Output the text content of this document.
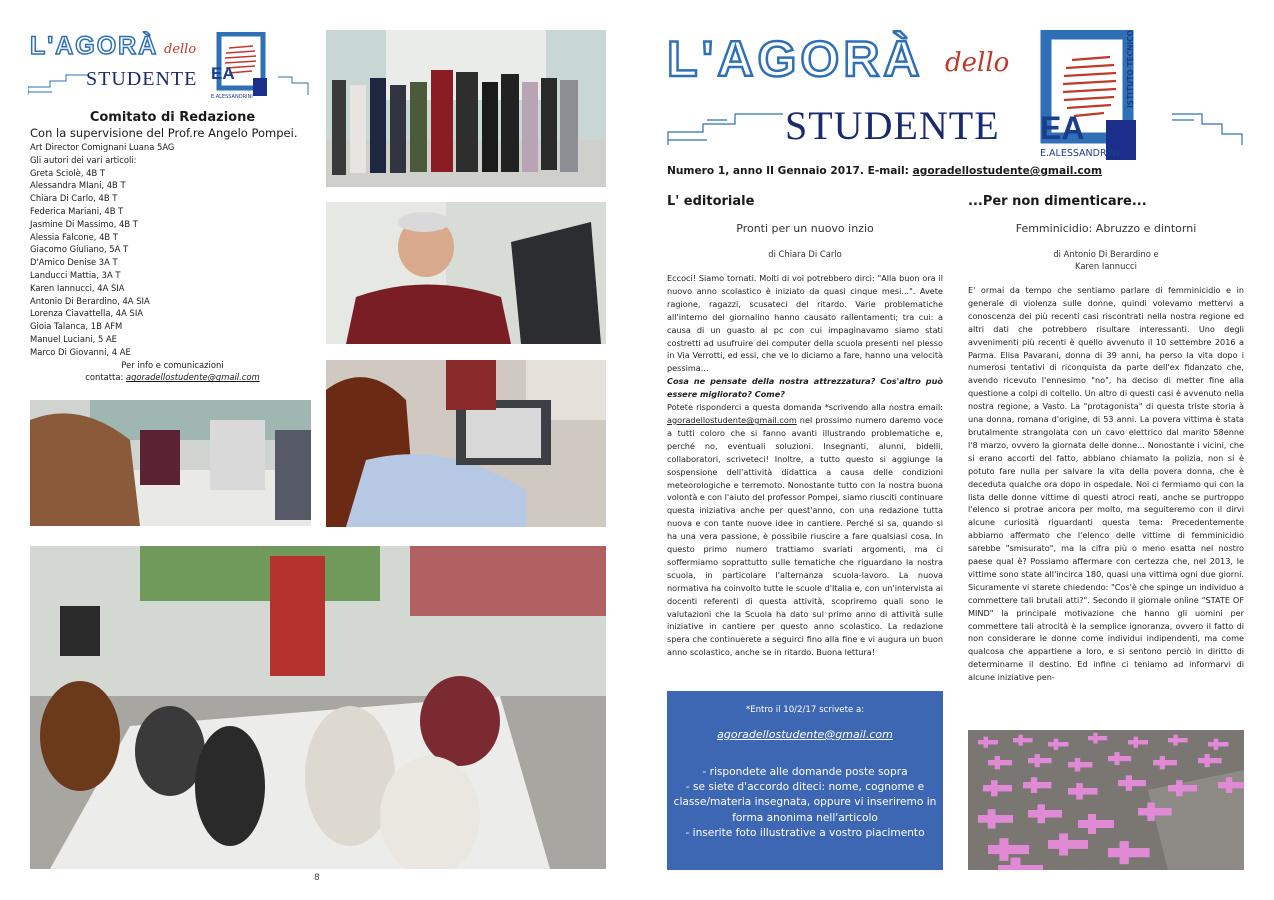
L'AGORÀ dello
STUDENTE EA
E.ALESSANDRINI
Comitato di Redazione
Con la supervisione del Prof.re Angelo Pompei.
Art Director Comignani Luana 5AG
Gli autori dei vari articoli:
Greta Sciolè, 4B T
Alessandra MIani, 4B T
Chiara Di Carlo, 4B T
Federica Mariani, 4B T
Jasmine Di Massimo, 4B T
Alessia Falcone, 4B T
Giacomo Giuliano, 5A T
D'Amico Denise 3A T
Landucci Mattia, 3A T
Karen Iannucci, 4A SIA
Antonio Di Berardino, 4A SIA
Lorenza Ciavattella, 4A SIA
Gioia Talanca, 1B AFM
Manuel Luciani, 5 AE
Marco Di Giovanni, 4 AE
Per info e comunicazioni
contatta: agoradellostudente@gmail.com
8
L'AGORÀ dello
STUDENTE EA
E.ALESSANDRINI
ISTITUTO TECNICO
Numero 1, anno II Gennaio 2017. E-mail: agoradellostudente@gmail.com
L' editoriale
Pronti per un nuovo inzio
di Chiara Di Carlo
Eccoci! Siamo tornati. Molti di voi potrebbero dirci: "Alla buon ora il nuovo anno scolastico è iniziato da quasi cinque mesi...". Avete ragione, ragazzi, scusateci del ritardo. Varie problematiche all'interno del giornalino hanno causato rallentamenti; tra cui: a causa di un guasto al pc con cui impaginavamo siamo stati costretti ad usufruire dei computer della scuola presenti nel plesso in Via Verrotti, ed essi, che ve lo diciamo a fare, hanno una velocità pessima...
Cosa ne pensate della nostra attrezzatura? Cos'altro può essere migliorato? Come?
Potete risponderci a questa domanda *scrivendo alla nostra email: agoradellostudente@gmail.com nel prossimo numero daremo voce a tutti coloro che si fanno avanti illustrando problematiche e, perché no, eventuali soluzioni. Insegnanti, alunni, bidelli, collaboratori, scriveteci! Inoltre, a tutto questo si aggiunge la sospensione dell'attività didattica a causa delle condizioni meteorologiche e terremoto. Nonostante tutto con la nostra buona volontà e con l'aiuto del professor Pompei, siamo riusciti continuare questa iniziativa anche per quest'anno, con una redazione tutta nuova e con tante nuove idee in cantiere. Perché si sa, quando si ha una vera passione, è possibile riuscire a fare qualsiasi cosa. In questo primo numero trattiamo svariati argomenti, ma ci soffermiamo soprattutto sulle tematiche che riguardano la nostra scuola, in particolare l'alternanza scuola-lavoro. La nuova normativa ha coinvolto tutte le scuole d'Italia e, con un'intervista ai docenti referenti di questa attività, scopriremo quali sono le valutazioni che la Scuola ha dato sul primo anno di attività sulle iniziative in cantiere per questo anno scolastico. La redazione spera che continuerete a seguirci fino alla fine e vi augura un buon anno scolastico, anche se in ritardo. Buona lettura!
*Entro il 10/2/17 scrivete a:
agoradellostudente@gmail.com
- rispondete alle domande poste sopra
- se siete d'accordo diteci: nome, cognome e classe/materia insegnata, oppure vi inseriremo in forma anonima nell'articolo
- inserite foto illustrative a vostro piacimento
...Per non dimenticare...
Femminicidio: Abruzzo e dintorni
di Antonio Di Berardino e
Karen Iannucci
E' ormai da tempo che sentiamo parlare di femminicidio e in generale di violenza sulle donne, quindi volevamo mettervi a conoscenza dei più recenti casi riscontrati nella nostra regione ed altri dati che potrebbero risultare interessanti. Uno degli avvenimenti più recenti è quello avvenuto il 10 settembre 2016 a Parma. Elisa Pavarani, donna di 39 anni, ha perso la vita dopo i numerosi tentativi di riconquista da parte dell'ex fidanzato che, avendo ricevuto l'ennesimo "no", ha deciso di metter fine alla questione a colpi di coltello. Un altro di questi casi è avvenuto nella nostra regione, a Vasto. La "protagonista" di questa triste storia à una donna, romana d'origine, di 53 anni. La povera vittima è stata brutalmente strangolata con un cavo elettrico dal marito 58enne l'8 marzo, ovvero la giornata delle donne... Nonostante i vicini, che si erano accorti del fatto, abbiano chiamato la polizia, non si è potuto fare nulla per salvare la vita della povera donna, che è deceduta qualche ora dopo in ospedale. Noi ci fermiamo qui con la lista delle donne vittime di questi atroci reati, anche se purtroppo l'elenco si protrae ancora per molto, ma seguiteremo con il dirvi alcune curiosità riguardanti questa tema: Precedentemente abbiamo affermato che l'elenco delle vittime di femminicidio sarebbe "smisurato", ma la cifra più o meno esatta nel nostro paese qual è? Possiamo affermare con certezza che, nel 2013, le vittime sono state all'incirca 180, quasi una vittima ogni due giorni. Sicuramente vi starete chiedendo: "Cos'è che spinge un individuo a commettere tali brutali atti?". Secondo il giornale online "STATE OF MIND" la principale motivazione che hanno gli uomini per commettere tali atrocità è la semplice ignoranza, ovvero il fatto di non considerare le donne come individui indipendenti, ma come qualcosa che appartiene a loro, e si sentono perciò in diritto di determinarne il destino. Ed infine ci teniamo ad informarvi di alcune iniziative pen-
